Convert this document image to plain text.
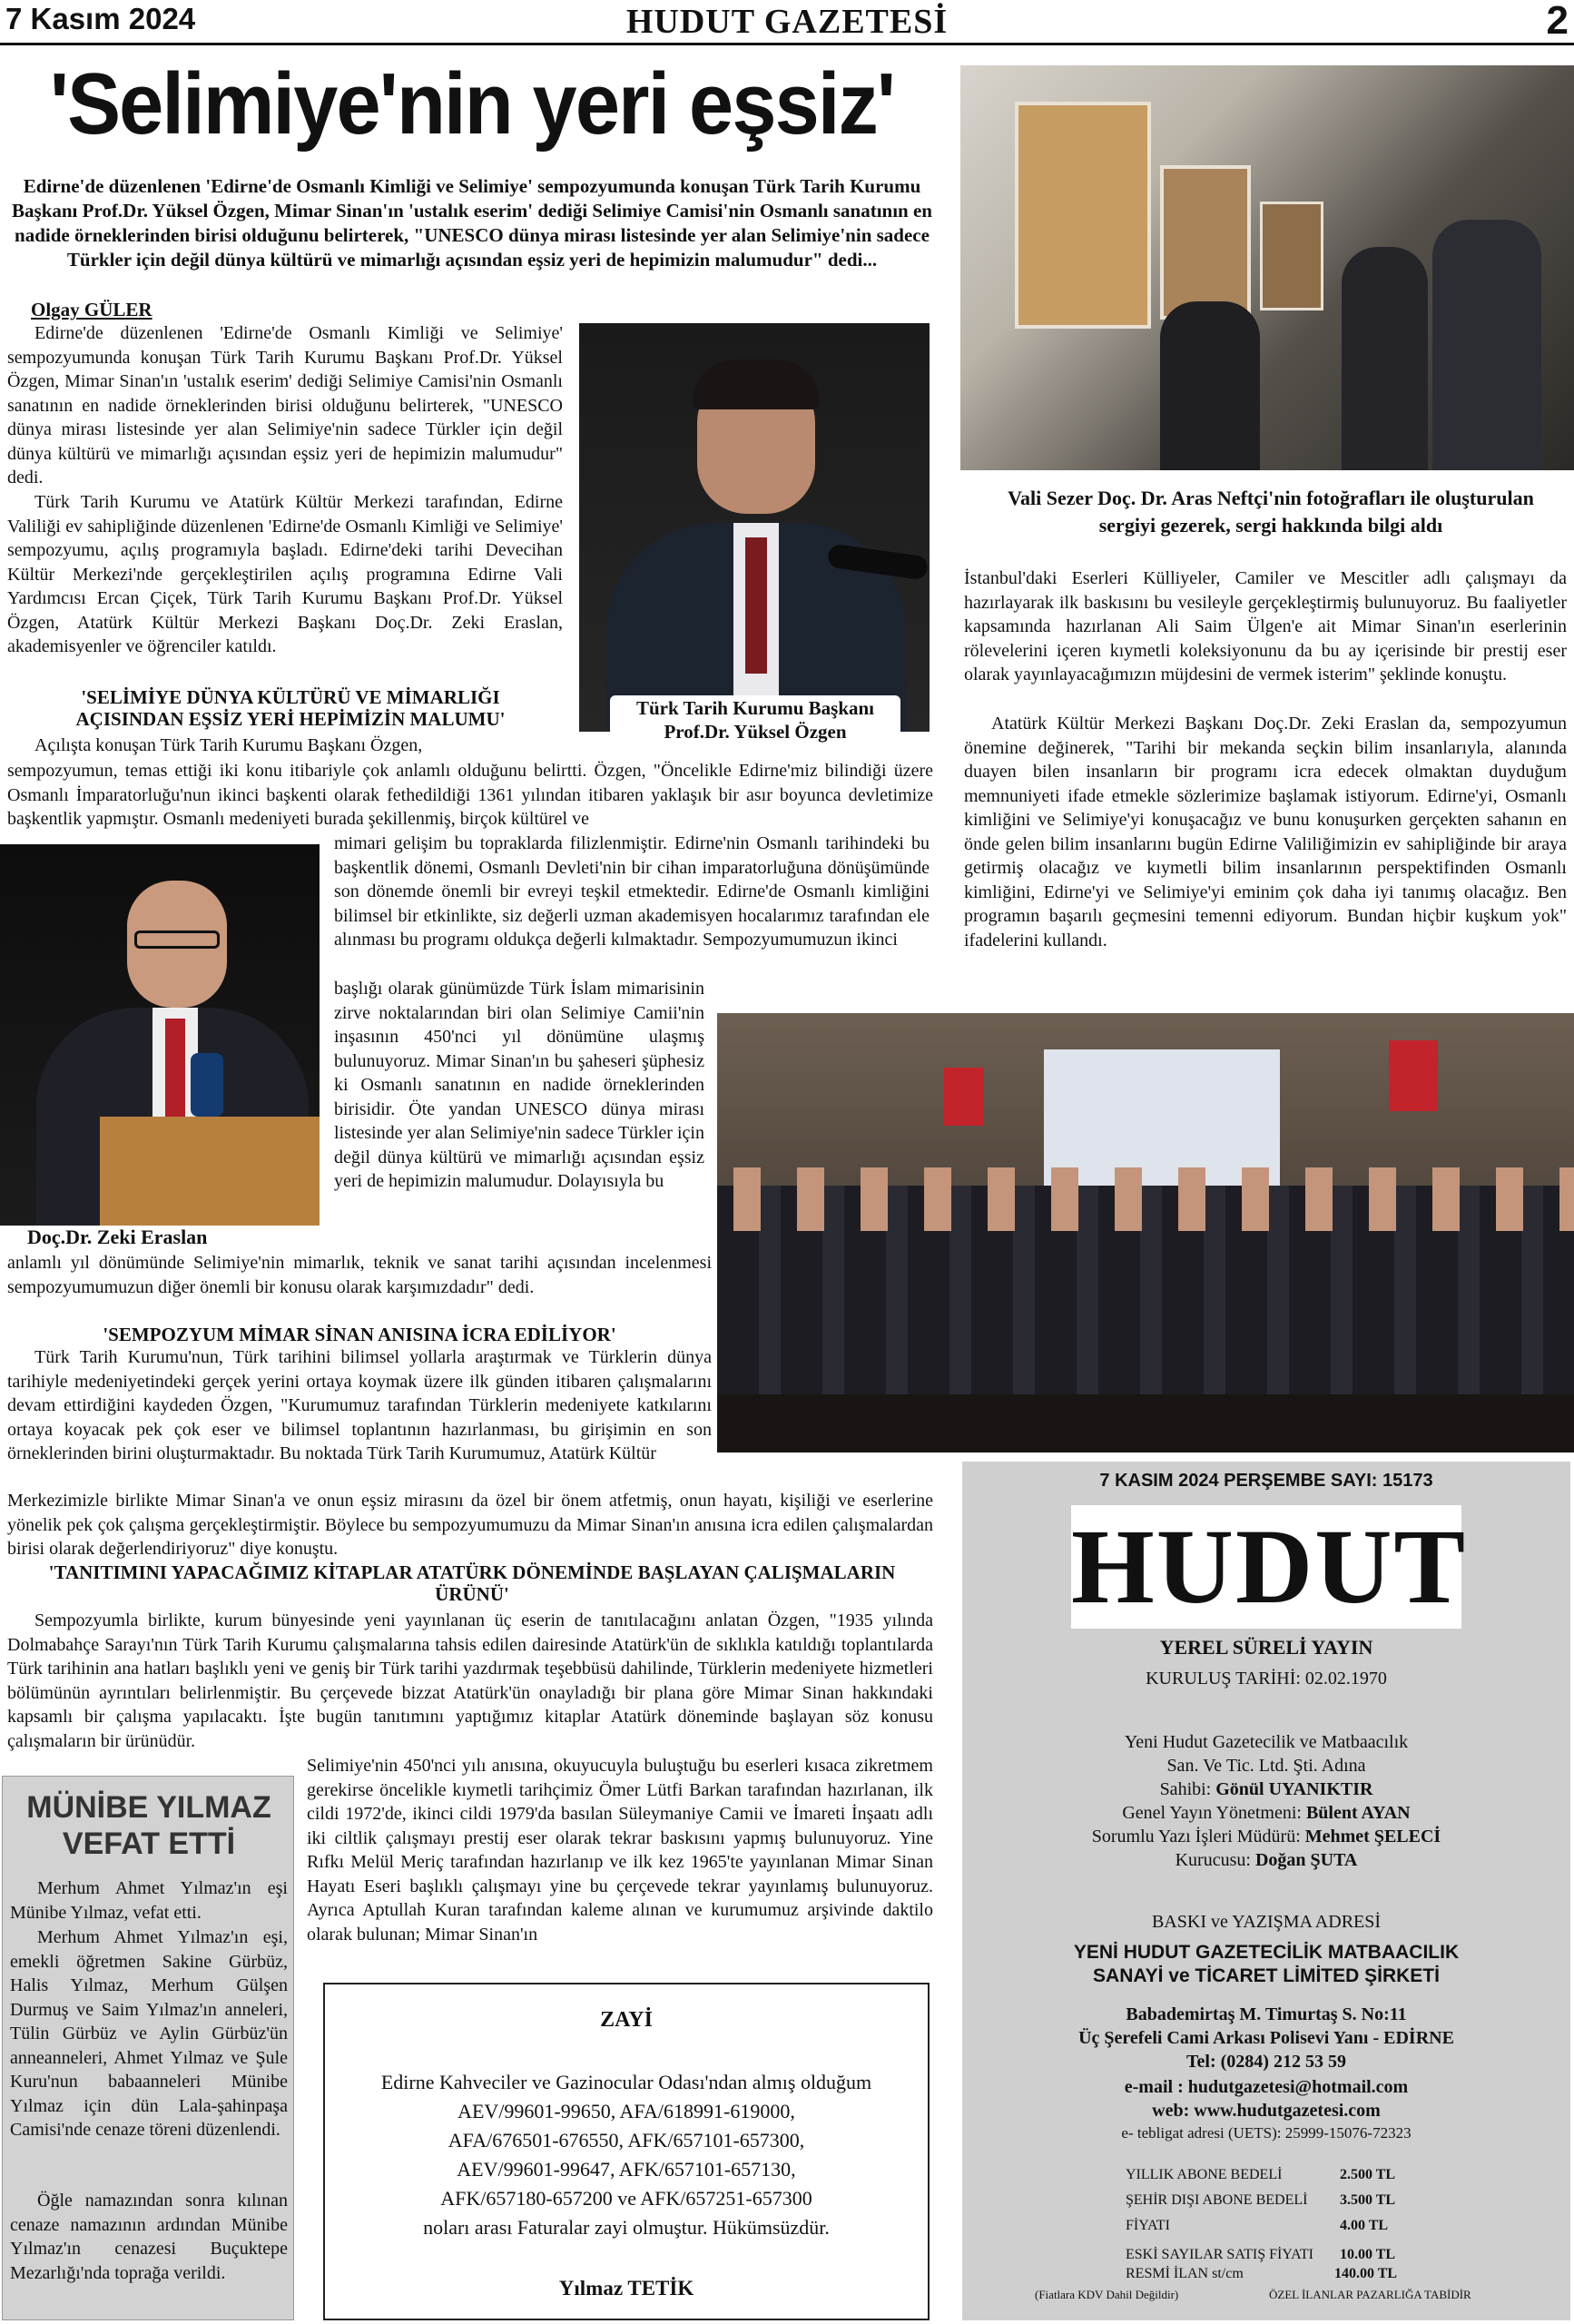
7 Kasım 2024	HUDUT GAZETESİ	2
'Selimiye'nin yeri eşsiz'
Edirne'de düzenlenen 'Edirne'de Osmanlı Kimliği ve Selimiye' sempozyumunda konuşan Türk Tarih Kurumu Başkanı Prof.Dr. Yüksel Özgen, Mimar Sinan'ın 'ustalık eserim' dediği Selimiye Camisi'nin Osmanlı sanatının en nadide örneklerinden birisi olduğunu belirterek, "UNESCO dünya mirası listesinde yer alan Selimiye'nin sadece Türkler için değil dünya kültürü ve mimarlığı açısından eşsiz yeri de hepimizin malumudur" dedi...
Vali Sezer Doç. Dr. Aras Neftçi'nin fotoğrafları ile oluşturulan sergiyi gezerek, sergi hakkında bilgi aldı
Türk Tarih Kurumu Başkanı
Prof.Dr. Yüksel Özgen
Doç.Dr. Zeki Eraslan
Olgay GÜLER
Edirne'de düzenlenen 'Edirne'de Osmanlı Kimliği ve Selimiye' sempozyumunda konuşan Türk Tarih Kurumu Başkanı Prof.Dr. Yüksel Özgen, Mimar Sinan'ın 'ustalık eserim' dediği Selimiye Camisi'nin Osmanlı sanatının en nadide örneklerinden birisi olduğunu belirterek, "UNESCO dünya mirası listesinde yer alan Selimiye'nin sadece Türkler için değil dünya kültürü ve mimarlığı açısından eşsiz yeri de hepimizin malumudur" dedi.
Türk Tarih Kurumu ve Atatürk Kültür Merkezi tarafından, Edirne Valiliği ev sahipliğinde düzenlenen 'Edirne'de Osmanlı Kimliği ve Selimiye' sempozyumu, açılış programıyla başladı. Edirne'deki tarihi Devecihan Kültür Merkezi'nde gerçekleştirilen açılış programına Edirne Vali Yardımcısı Ercan Çiçek, Türk Tarih Kurumu Başkanı Prof.Dr. Yüksel Özgen, Atatürk Kültür Merkezi Başkanı Doç.Dr. Zeki Eraslan, akademisyenler ve öğrenciler katıldı.
'SELİMİYE DÜNYA KÜLTÜRÜ VE MİMARLIĞI AÇISINDAN EŞSİZ YERİ HEPİMİZİN MALUMU'
Açılışta konuşan Türk Tarih Kurumu Başkanı Özgen,
sempozyumun, temas ettiği iki konu itibariyle çok anlamlı olduğunu belirtti. Özgen, "Öncelikle Edirne'miz bilindiği üzere Osmanlı İmparatorluğu'nun ikinci başkenti olarak fethedildiği 1361 yılından itibaren yaklaşık bir asır boyunca devletimize başkentlik yapmıştır. Osmanlı medeniyeti burada şekillenmiş, birçok kültürel ve
mimari gelişim bu topraklarda filizlenmiştir. Edirne'nin Osmanlı tarihindeki bu başkentlik dönemi, Osmanlı Devleti'nin bir cihan imparatorluğuna dönüşümünde son dönemde önemli bir evreyi teşkil etmektedir. Edirne'de Osmanlı kimliğini bilimsel bir etkinlikte, siz değerli uzman akademisyen hocalarımız tarafından ele alınması bu programı oldukça değerli kılmaktadır. Sempozyumumuzun ikinci
başlığı olarak günümüzde Türk İslam mimarisinin zirve noktalarından biri olan Selimiye Camii'nin inşasının 450'nci yıl dönümüne ulaşmış bulunuyoruz. Mimar Sinan'ın bu şaheseri şüphesiz ki Osmanlı sanatının en nadide örneklerinden birisidir. Öte yandan UNESCO dünya mirası listesinde yer alan Selimiye'nin sadece Türkler için değil dünya kültürü ve mimarlığı açısından eşsiz yeri de hepimizin malumudur. Dolayısıyla bu
anlamlı yıl dönümünde Selimiye'nin mimarlık, teknik ve sanat tarihi açısından incelenmesi sempozyumumuzun diğer önemli bir konusu olarak karşımızdadır" dedi.
'SEMPOZYUM MİMAR SİNAN ANISINA İCRA EDİLİYOR'
Türk Tarih Kurumu'nun, Türk tarihini bilimsel yollarla araştırmak ve Türklerin dünya tarihiyle medeniyetindeki gerçek yerini ortaya koymak üzere ilk günden itibaren çalışmalarını devam ettirdiğini kaydeden Özgen, "Kurumumuz tarafından Türklerin medeniyete katkılarını ortaya koyacak pek çok eser ve bilimsel toplantının hazırlanması, bu girişimin en son örneklerinden birini oluşturmaktadır. Bu noktada Türk Tarih Kurumumuz, Atatürk Kültür
Merkezimizle birlikte Mimar Sinan'a ve onun eşsiz mirasını da özel bir önem atfetmiş, onun hayatı, kişiliği ve eserlerine yönelik pek çok çalışma gerçekleştirmiştir. Böylece bu sempozyumumuzu da Mimar Sinan'ın anısına icra edilen çalışmalardan birisi olarak değerlendiriyoruz" diye konuştu.
'TANITIMINI YAPACAĞIMIZ KİTAPLAR ATATÜRK DÖNEMİNDE BAŞLAYAN ÇALIŞMALARIN ÜRÜNÜ'
Sempozyumla birlikte, kurum bünyesinde yeni yayınlanan üç eserin de tanıtılacağını anlatan Özgen, "1935 yılında Dolmabahçe Sarayı'nın Türk Tarih Kurumu çalışmalarına tahsis edilen dairesinde Atatürk'ün de sıklıkla katıldığı toplantılarda Türk tarihinin ana hatları başlıklı yeni ve geniş bir Türk tarihi yazdırmak teşebbüsü dahilinde, Türklerin medeniyete hizmetleri bölümünün ayrıntıları belirlenmiştir. Bu çerçevede bizzat Atatürk'ün onayladığı bir plana göre Mimar Sinan hakkındaki kapsamlı bir çalışma yapılacaktı. İşte bugün tanıtımını yaptığımız kitaplar Atatürk döneminde başlayan söz konusu çalışmaların bir ürünüdür.
Selimiye'nin 450'nci yılı anısına, okuyucuyla buluştuğu bu eserleri kısaca zikretmem gerekirse öncelikle kıymetli tarihçimiz Ömer Lütfi Barkan tarafından hazırlanan, ilk cildi 1972'de, ikinci cildi 1979'da basılan Süleymaniye Camii ve İmareti İnşaatı adlı iki ciltlik çalışmayı prestij eser olarak tekrar baskısını yapmış bulunuyoruz. Yine Rıfkı Melül Meriç tarafından hazırlanıp ve ilk kez 1965'te yayınlanan Mimar Sinan Hayatı Eseri başlıklı çalışmayı yine bu çerçevede tekrar yayınlamış bulunuyoruz. Ayrıca Aptullah Kuran tarafından kaleme alınan ve kurumumuz arşivinde daktilo olarak bulunan; Mimar Sinan'ın
İstanbul'daki Eserleri Külliyeler, Camiler ve Mescitler adlı çalışmayı da hazırlayarak ilk baskısını bu vesileyle gerçekleştirmiş bulunuyoruz. Bu faaliyetler kapsamında hazırlanan Ali Saim Ülgen'e ait Mimar Sinan'ın eserlerinin rölevelerini içeren kıymetli koleksiyonunu da bu ay içerisinde bir prestij eser olarak yayınlayacağımızın müjdesini de vermek isterim" şeklinde konuştu.
Atatürk Kültür Merkezi Başkanı Doç.Dr. Zeki Eraslan da, sempozyumun önemine değinerek, "Tarihi bir mekanda seçkin bilim insanlarıyla, alanında duayen bilen insanların bir programı icra edecek olmaktan duyduğum memnuniyeti ifade etmekle sözlerimize başlamak istiyorum. Edirne'yi, Osmanlı kimliğini ve Selimiye'yi konuşacağız ve bunu konuşurken gerçekten sahanın en önde gelen bilim insanlarını bugün Edirne Valiliğimizin ev sahipliğinde bir araya getirmiş olacağız ve kıymetli bilim insanlarının perspektifinden Osmanlı kimliğini, Edirne'yi ve Selimiye'yi eminim çok daha iyi tanımış olacağız. Ben programın başarılı geçmesini temenni ediyorum. Bundan hiçbir kuşkum yok" ifadelerini kullandı.
MÜNİBE YILMAZ
VEFAT ETTİ
Merhum Ahmet Yılmaz'ın eşi Münibe Yılmaz, vefat etti.
Merhum Ahmet Yılmaz'ın eşi, emekli öğretmen Sakine Gürbüz, Halis Yılmaz, Merhum Gülşen Durmuş ve Saim Yılmaz'ın anneleri, Tülin Gürbüz ve Aylin Gürbüz'ün anneanneleri, Ahmet Yılmaz ve Şule Kuru'nun babaanneleri Münibe Yılmaz için dün Lala-şahinpaşa Camisi'nde cenaze töreni düzenlendi.
Öğle namazından sonra kılınan cenaze namazının ardından Münibe Yılmaz'ın cenazesi Buçuktepe Mezarlığı'nda toprağa verildi.
ZAYİ
Edirne Kahveciler ve Gazinocular Odası'ndan almış olduğum
AEV/99601-99650, AFA/618991-619000,
AFA/676501-676550, AFK/657101-657300,
AEV/99601-99647, AFK/657101-657130,
AFK/657180-657200 ve AFK/657251-657300
noları arası Faturalar zayi olmuştur. Hükümsüzdür.
Yılmaz TETİK
7 KASIM 2024 PERŞEMBE SAYI: 15173
HUDUT
YEREL SÜRELİ YAYIN
KURULUŞ TARİHİ: 02.02.1970
Yeni Hudut Gazetecilik ve Matbaacılık
San. Ve Tic. Ltd. Şti. Adına
Sahibi: Gönül UYANIKTIR
Genel Yayın Yönetmeni: Bülent AYAN
Sorumlu Yazı İşleri Müdürü: Mehmet ŞELECİ
Kurucusu: Doğan ŞUTA
BASKI ve YAZIŞMA ADRESİ
YENİ HUDUT GAZETECİLİK MATBAACILIK
SANAYİ ve TİCARET LİMİTED ŞİRKETİ
Babademirtaş M. Timurtaş S. No:11
Üç Şerefeli Cami Arkası Polisevi Yanı - EDİRNE
Tel: (0284) 212 53 59
e-mail : hudutgazetesi@hotmail.com
web: www.hudutgazetesi.com
e- tebligat adresi (UETS): 25999-15076-72323
YILLIK ABONE BEDELİ	2.500 TL
ŞEHİR DIŞI ABONE BEDELİ 3.500 TL
FİYATI	4.00 TL
ESKİ SAYILAR SATIŞ FİYATI 10.00 TL
RESMİ İLAN st/cm	140.00 TL
(Fiatlara KDV Dahil Değildir)	ÖZEL İLANLAR PAZARLIĞA TABİDİR
